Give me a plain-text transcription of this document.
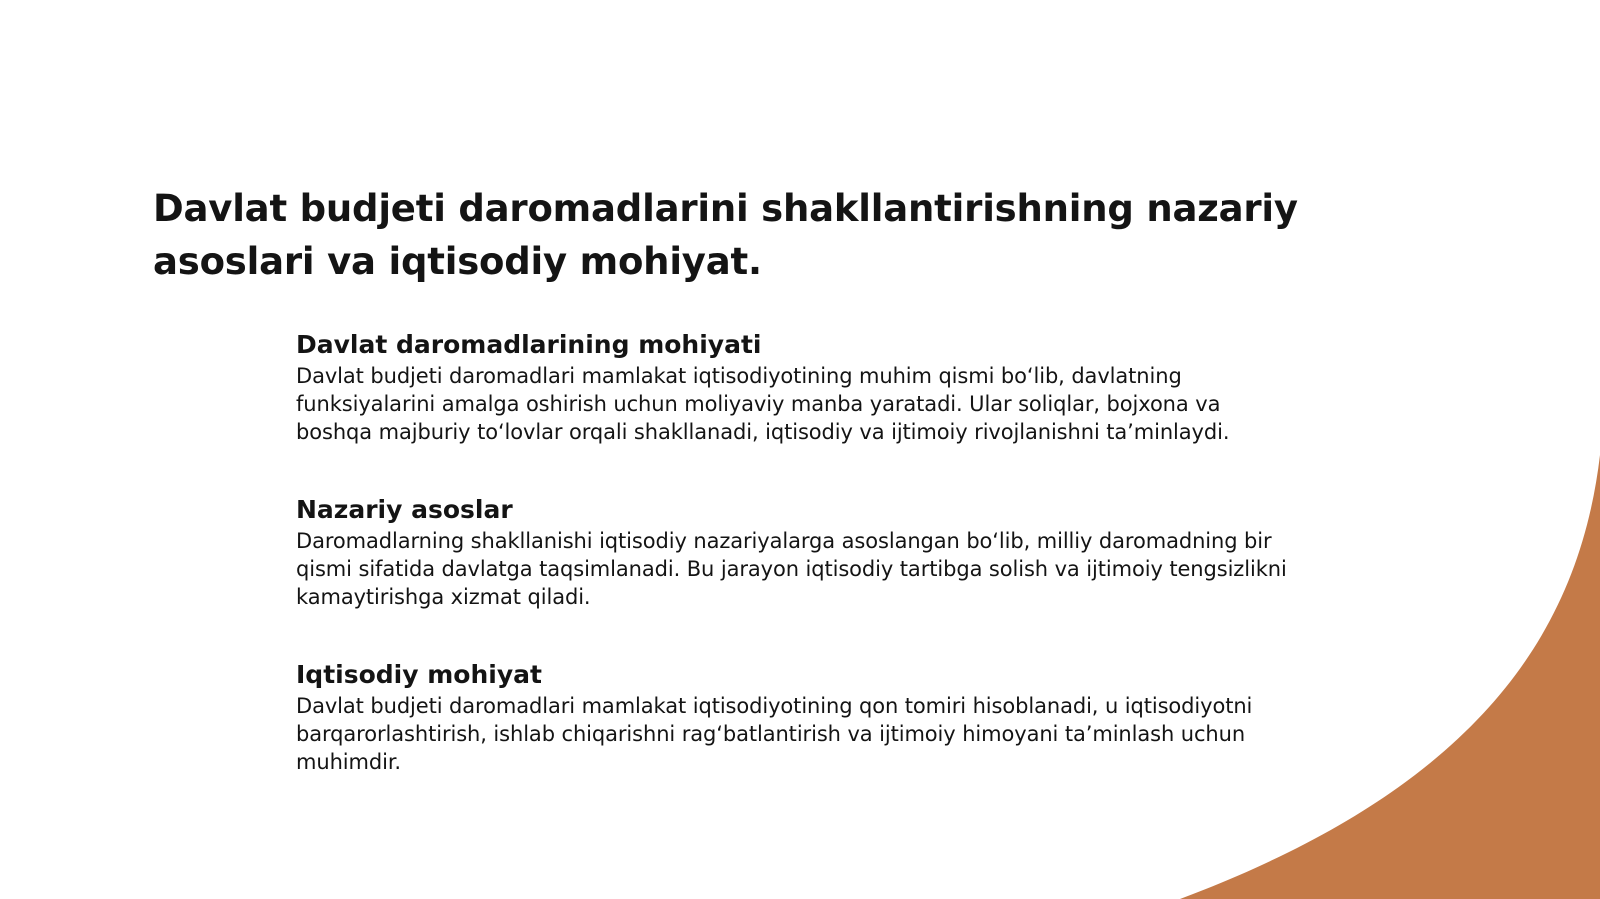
Davlat budjeti daromadlarini shakllantirishning nazariy asoslari va iqtisodiy mohiyat.
Davlat daromadlarining mohiyati

Davlat budjeti daromadlari mamlakat iqtisodiyotining muhim qismi bo‘lib, davlatning funksiyalarini amalga oshirish uchun moliyaviy manba yaratadi. Ular soliqlar, bojxona va boshqa majburiy to‘lovlar orqali shakllanadi, iqtisodiy va ijtimoiy rivojlanishni ta’minlaydi.

Nazariy asoslar

Daromadlarning shakllanishi iqtisodiy nazariyalarga asoslangan bo‘lib, milliy daromadning bir qismi sifatida davlatga taqsimlanadi. Bu jarayon iqtisodiy tartibga solish va ijtimoiy tengsizlikni kamaytirishga xizmat qiladi.

Iqtisodiy mohiyat

Davlat budjeti daromadlari mamlakat iqtisodiyotining qon tomiri hisoblanadi, u iqtisodiyotni barqarorlashtirish, ishlab chiqarishni rag‘batlantirish va ijtimoiy himoyani ta’minlash uchun muhimdir.
